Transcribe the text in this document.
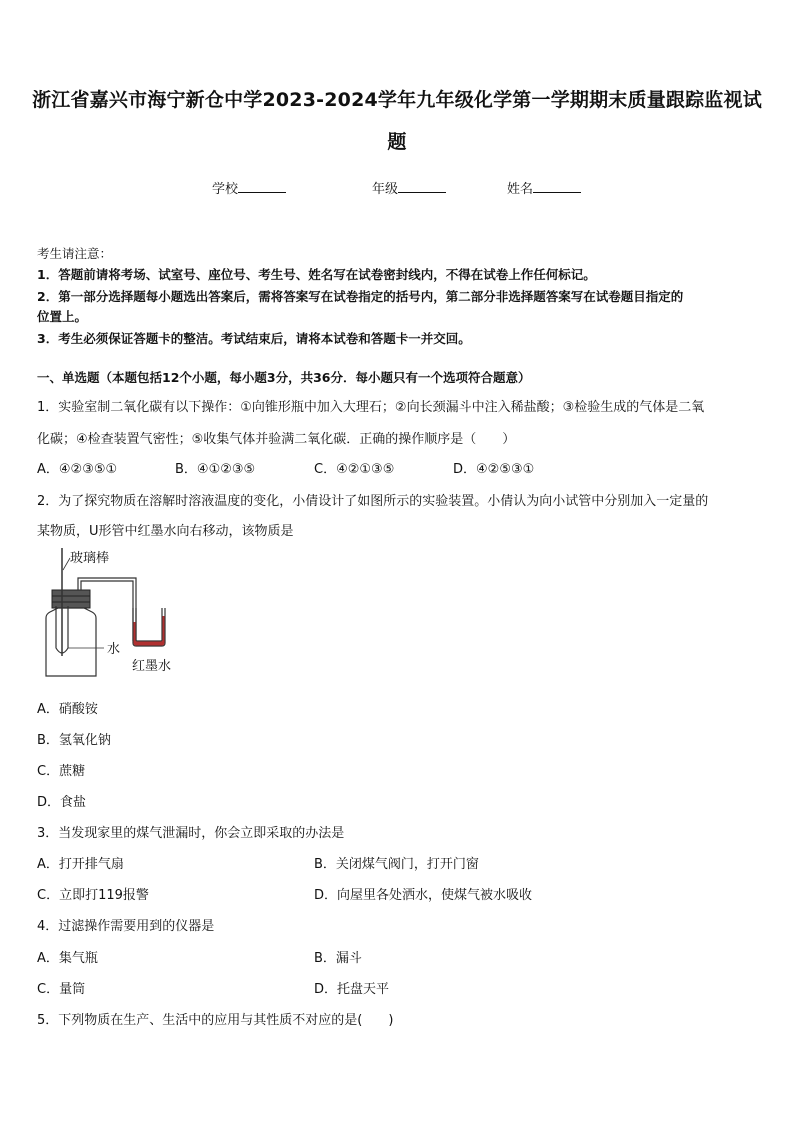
浙江省嘉兴市海宁新仓中学2023-2024学年九年级化学第一学期期末质量跟踪监视试
题
学校	年级	姓名
考生请注意：
1．答题前请将考场、试室号、座位号、考生号、姓名写在试卷密封线内，不得在试卷上作任何标记。
2．第一部分选择题每小题选出答案后，需将答案写在试卷指定的括号内，第二部分非选择题答案写在试卷题目指定的
位置上。
3．考生必须保证答题卡的整洁。考试结束后，请将本试卷和答题卡一并交回。
一、单选题（本题包括12个小题，每小题3分，共36分．每小题只有一个选项符合题意）
1．实验室制二氧化碳有以下操作：①向锥形瓶中加入大理石；②向长颈漏斗中注入稀盐酸；③检验生成的气体是二氧
化碳；④检查装置气密性；⑤收集气体并验满二氧化碳．正确的操作顺序是（　　）
A．④②③⑤①	B．④①②③⑤	C．④②①③⑤	D．④②⑤③①
2．为了探究物质在溶解时溶液温度的变化，小倩设计了如图所示的实验装置。小倩认为向小试管中分别加入一定量的
某物质，U形管中红墨水向右移动，该物质是
玻璃棒
水
红墨水
A．硝酸铵
B．氢氧化钠
C．蔗糖
D．食盐
3．当发现家里的煤气泄漏时，你会立即采取的办法是
A．打开排气扇	B．关闭煤气阀门，打开门窗
C．立即打119报警	D．向屋里各处洒水，使煤气被水吸收
4．过滤操作需要用到的仪器是
A．集气瓶	B．漏斗
C．量筒	D．托盘天平
5．下列物质在生产、生活中的应用与其性质不对应的是(　　)
